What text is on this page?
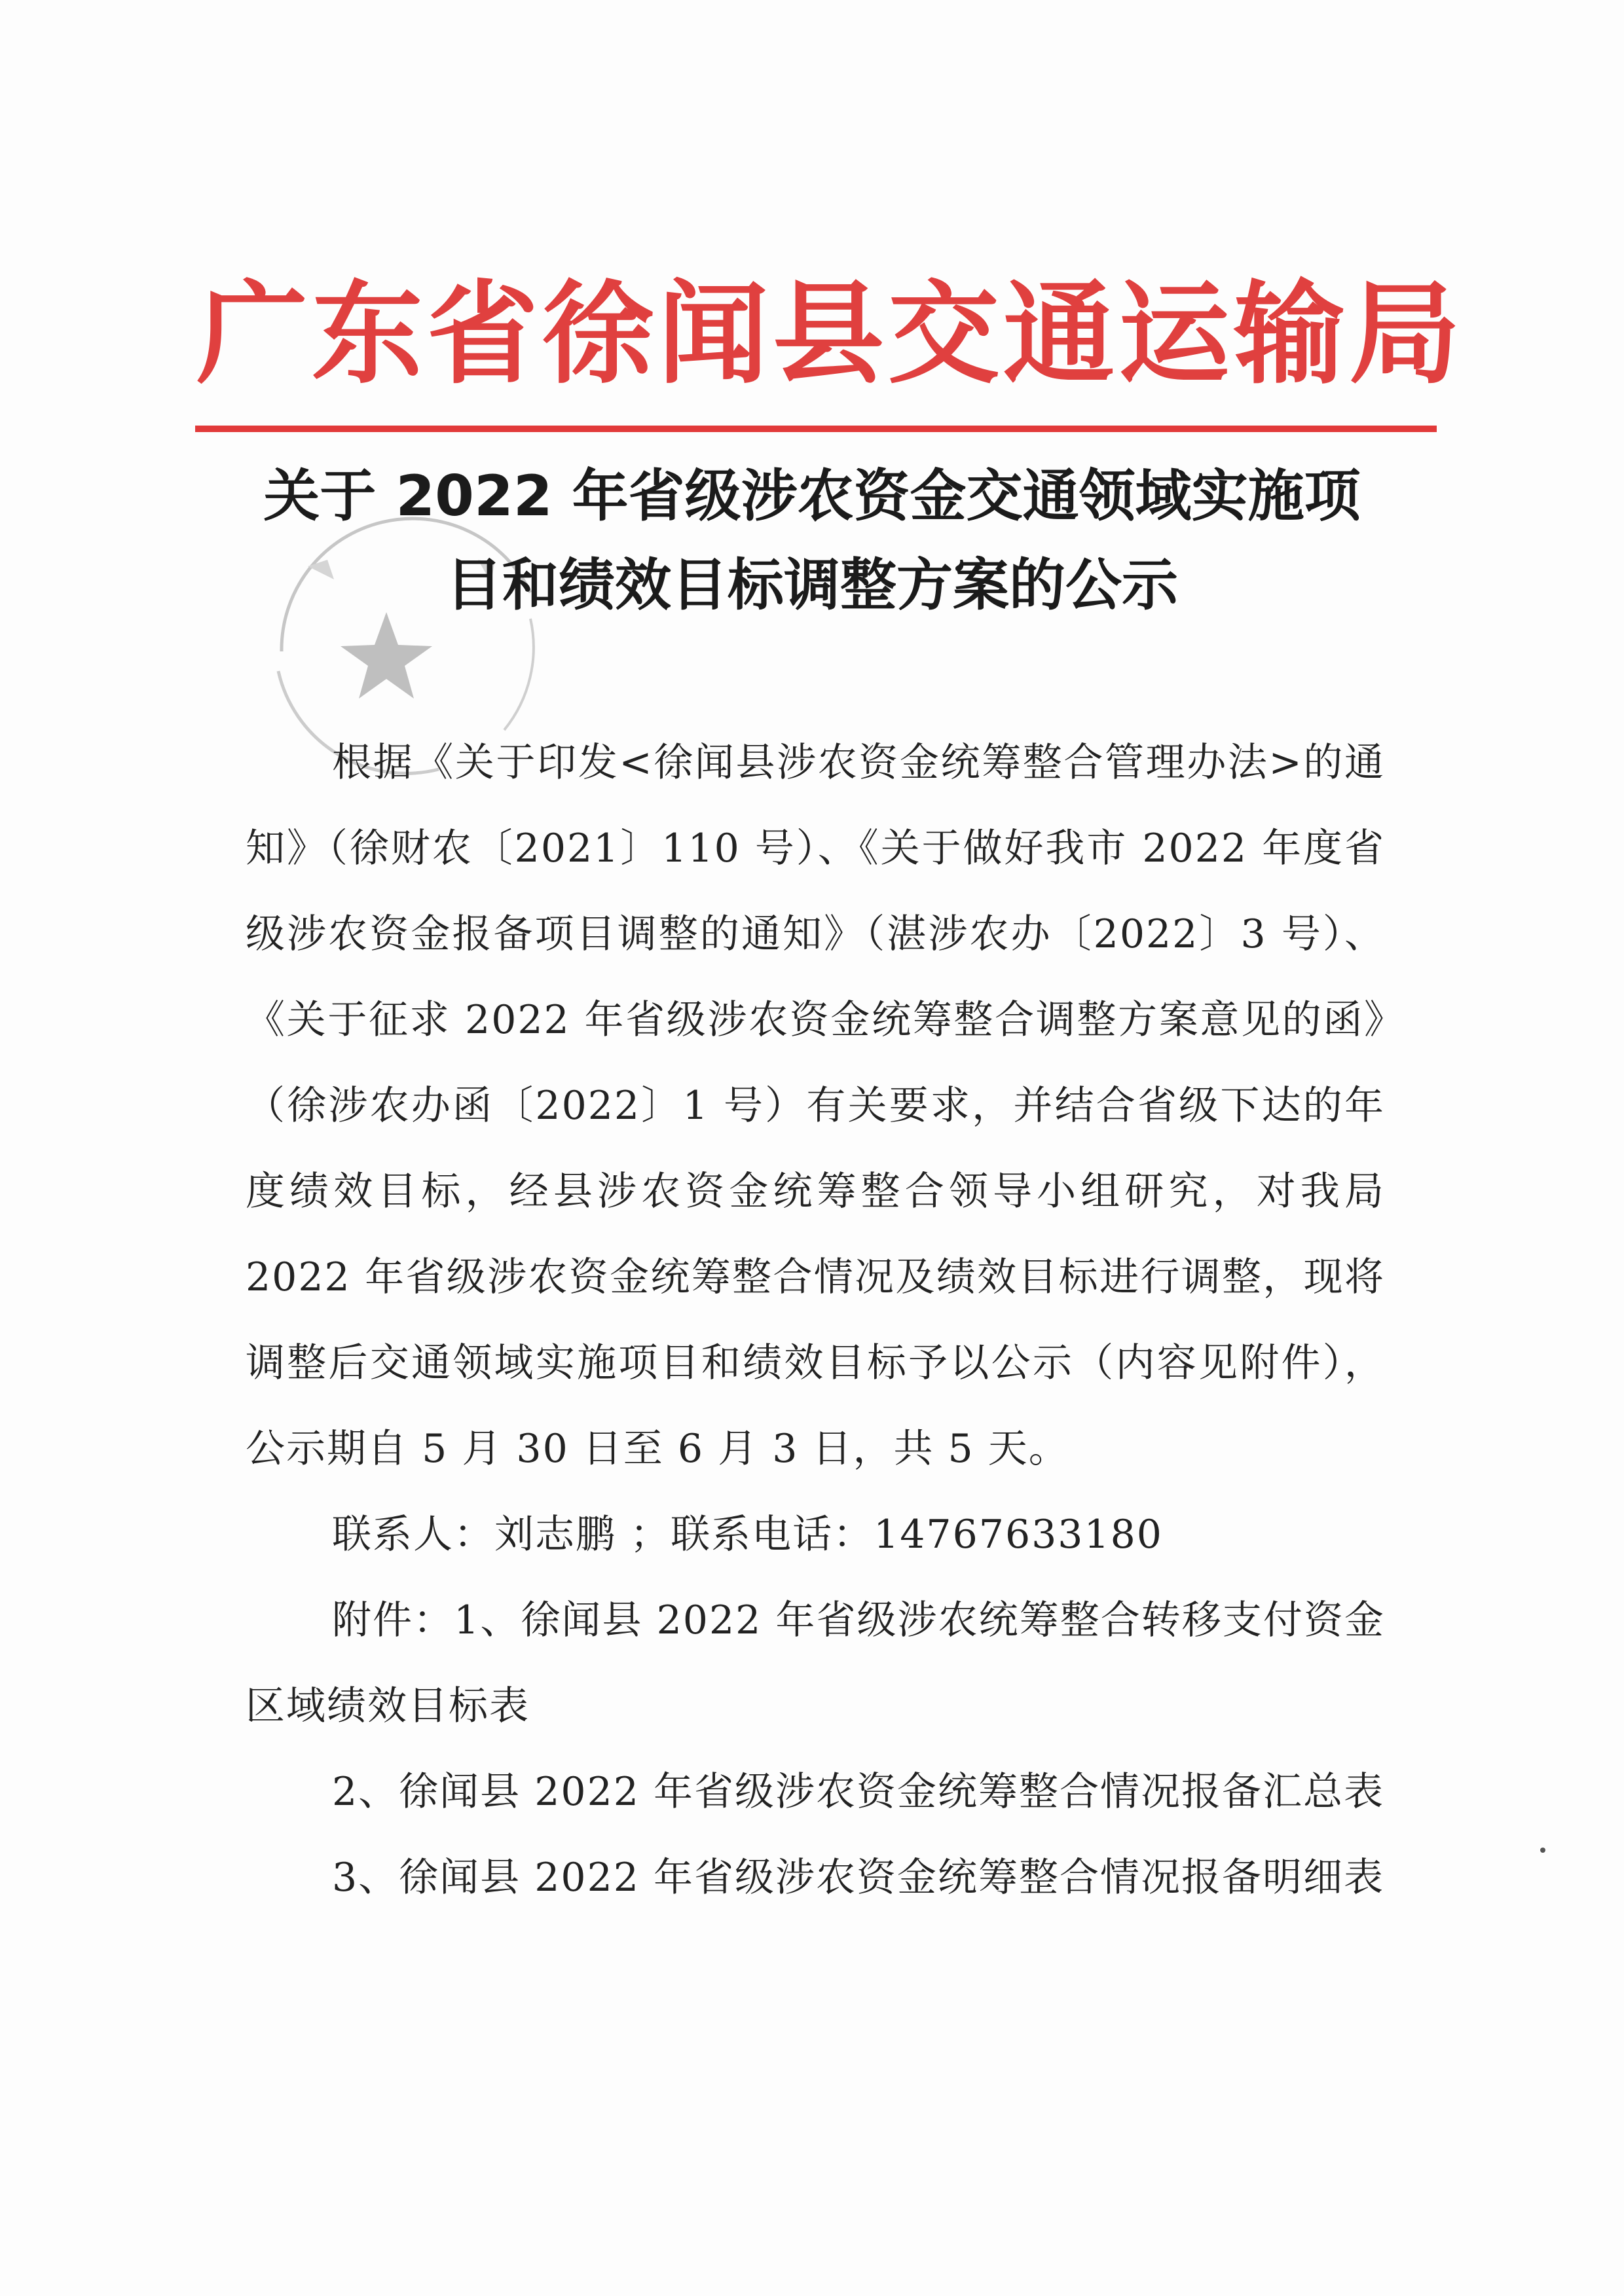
广东省徐闻县交通运输局
关于 2022 年省级涉农资金交通领域实施项
目和绩效目标调整方案的公示

根据《关于印发<徐闻县涉农资金统筹整合管理办法>的通知》（徐财农〔2021〕110 号）、《关于做好我市 2022 年度省级涉农资金报备项目调整的通知》（湛涉农办〔2022〕3 号）、《关于征求 2022 年省级涉农资金统筹整合调整方案意见的函》（徐涉农办函〔2022〕1 号）有关要求，并结合省级下达的年度绩效目标，经县涉农资金统筹整合领导小组研究，对我局 2022 年省级涉农资金统筹整合情况及绩效目标进行调整，现将调整后交通领域实施项目和绩效目标予以公示（内容见附件），公示期自 5 月 30 日至 6 月 3 日，共 5 天。

联系人：刘志鹏 ；联系电话：14767633180

附件：1、徐闻县 2022 年省级涉农统筹整合转移支付资金区域绩效目标表

2、徐闻县 2022 年省级涉农资金统筹整合情况报备汇总表

3、徐闻县 2022 年省级涉农资金统筹整合情况报备明细表
